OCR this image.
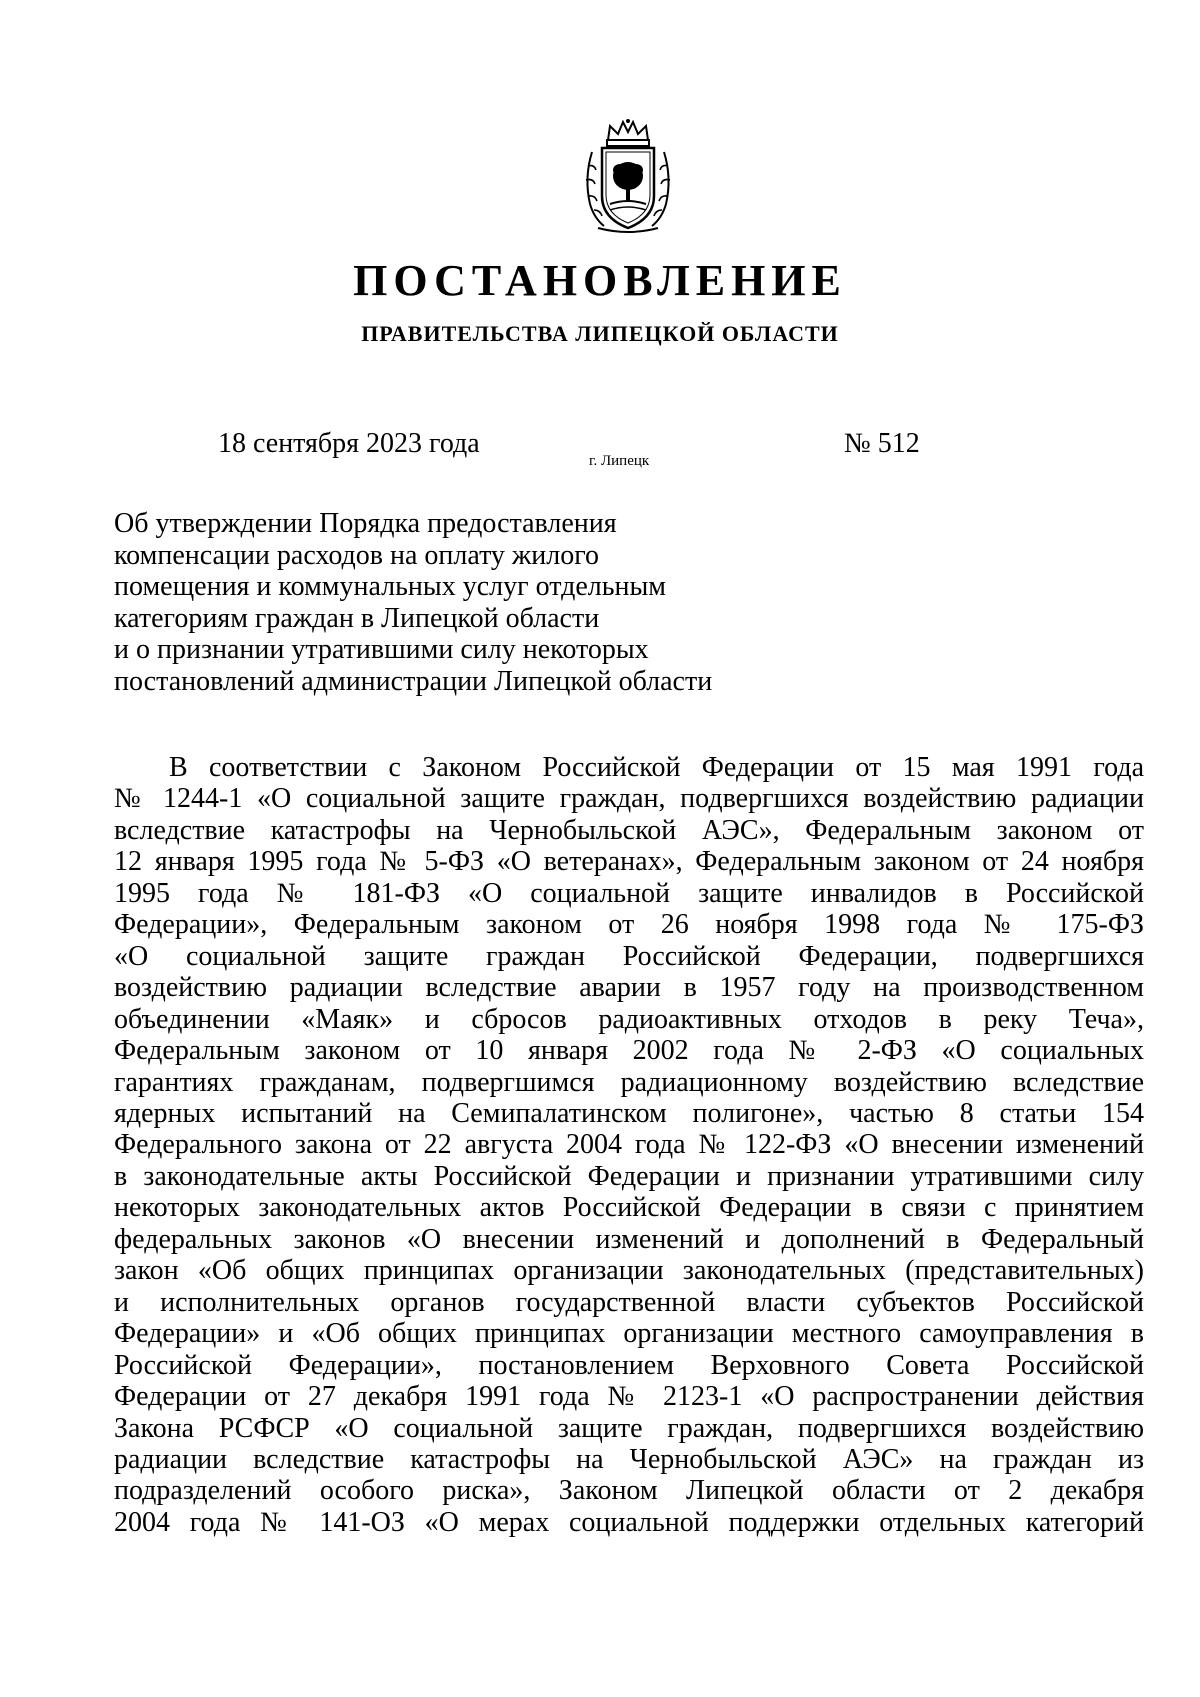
ПОСТАНОВЛЕНИЕ
ПРАВИТЕЛЬСТВА ЛИПЕЦКОЙ ОБЛАСТИ
18 сентября 2023 года
г. Липецк
№ 512
Об утверждении Порядка предоставления
компенсации расходов на оплату жилого
помещения и коммунальных услуг отдельным
категориям граждан в Липецкой области
и о признании утратившими силу некоторых
постановлений администрации Липецкой области
В соответствии с Законом Российской Федерации от 15 мая 1991 года
№ 1244-1 «О социальной защите граждан, подвергшихся воздействию радиации
вследствие катастрофы на Чернобыльской АЭС», Федеральным законом от
12 января 1995 года № 5-ФЗ «О ветеранах», Федеральным законом от 24 ноября
1995 года № 181-ФЗ «О социальной защите инвалидов в Российской
Федерации», Федеральным законом от 26 ноября 1998 года № 175-ФЗ
«О социальной защите граждан Российской Федерации, подвергшихся
воздействию радиации вследствие аварии в 1957 году на производственном
объединении «Маяк» и сбросов радиоактивных отходов в реку Теча»,
Федеральным законом от 10 января 2002 года № 2-ФЗ «О социальных
гарантиях гражданам, подвергшимся радиационному воздействию вследствие
ядерных испытаний на Семипалатинском полигоне», частью 8 статьи 154
Федерального закона от 22 августа 2004 года № 122-ФЗ «О внесении изменений
в законодательные акты Российской Федерации и признании утратившими силу
некоторых законодательных актов Российской Федерации в связи с принятием
федеральных законов «О внесении изменений и дополнений в Федеральный
закон «Об общих принципах организации законодательных (представительных)
и исполнительных органов государственной власти субъектов Российской
Федерации» и «Об общих принципах организации местного самоуправления в
Российской Федерации», постановлением Верховного Совета Российской
Федерации от 27 декабря 1991 года № 2123-1 «О распространении действия
Закона РСФСР «О социальной защите граждан, подвергшихся воздействию
радиации вследствие катастрофы на Чернобыльской АЭС» на граждан из
подразделений особого риска», Законом Липецкой области от 2 декабря
2004 года № 141-ОЗ «О мерах социальной поддержки отдельных категорий
